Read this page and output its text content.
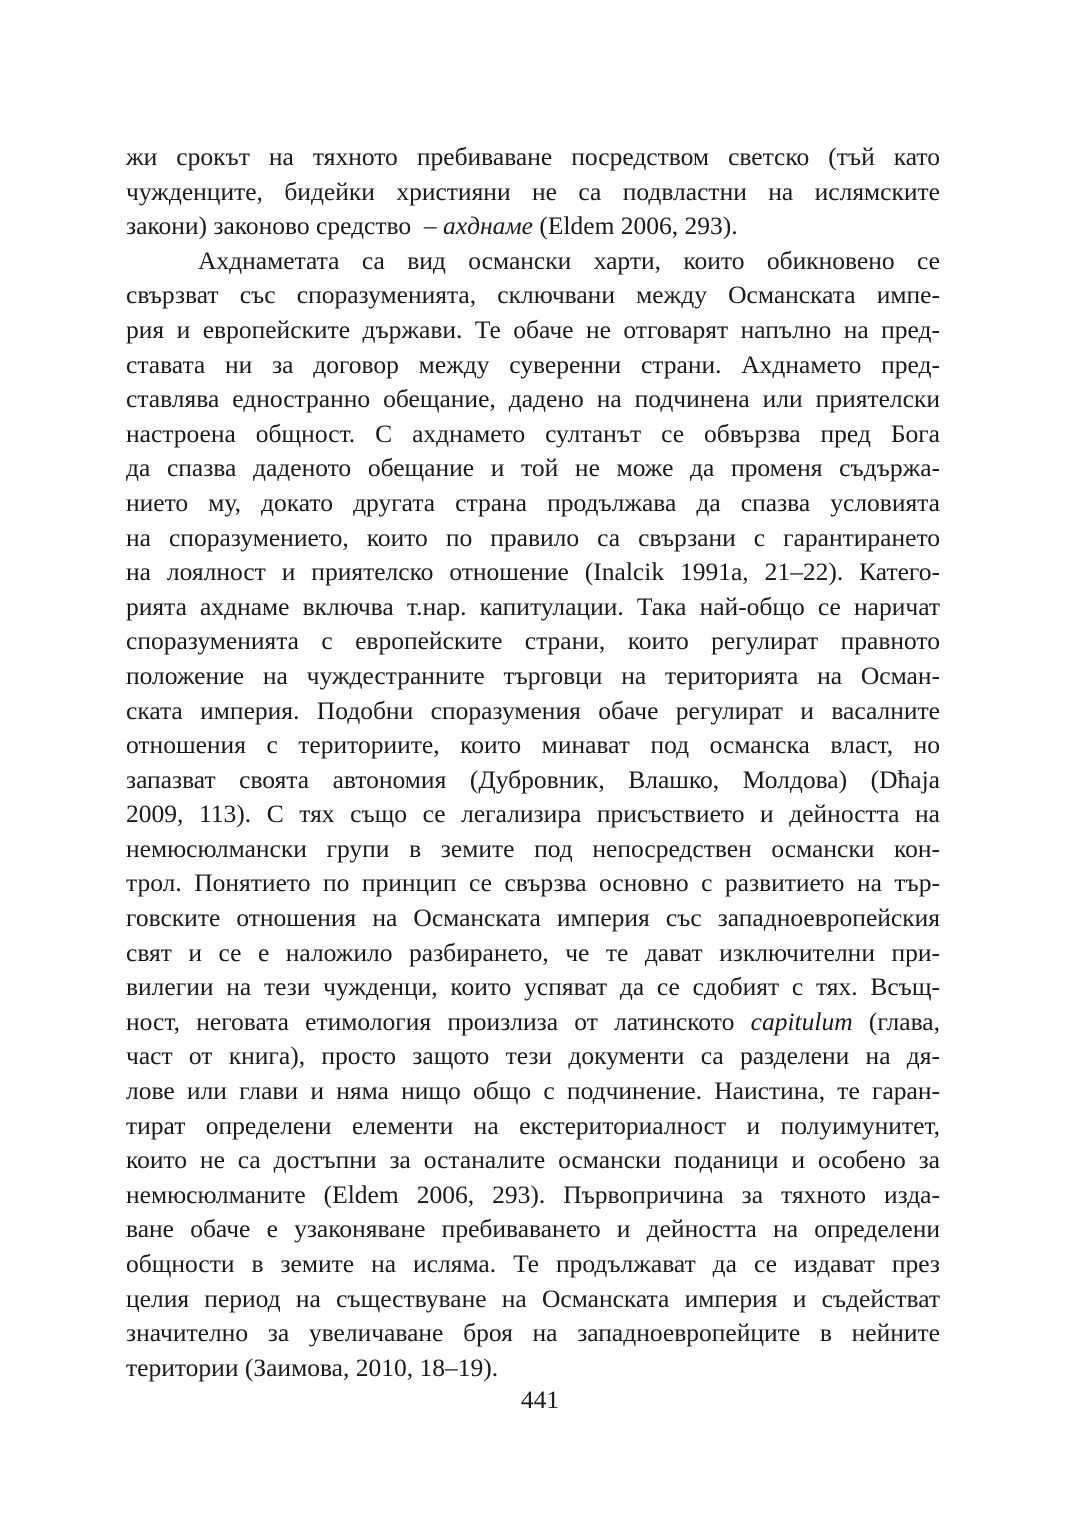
жи срокът на тяхното пребиваване посредством светско (тъй като
чужденците, бидейки християни не са подвластни на ислямските
закони) законово средство  – ахднаме (Eldem 2006, 293).

Ахднаметата са вид османски харти, които обикновено се
свързват със споразуменията, сключвани между Османската импе-
рия и европейските държави. Те обаче не отговарят напълно на пред-
ставата ни за договор между суверенни страни. Ахднамето пред-
ставлява едностранно обещание, дадено на подчинена или приятелски
настроена общност. С ахднамето султанът се обвързва пред Бога
да спазва даденото обещание и той не може да променя съдържа-
нието му, докато другата страна продължава да спазва условията
на споразумението, които по правило са свързани с гарантирането
на лоялност и приятелско отношение (Inalcik 1991a, 21–22). Катего-
рията ахднаме включва т.нар. капитулации. Така най-общо се наричат
споразуменията с европейските страни, които регулират правното
положение на чуждестранните търговци на територията на Осман-
ската империя. Подобни споразумения обаче регулират и васалните
отношения с териториите, които минават под османска власт, но
запазват своята автономия (Дубровник, Влашко, Молдова) (Dħaja
2009, 113). С тях също се легализира присъствието и дейността на
немюсюлмански групи в земите под непосредствен османски кон-
трол. Понятието по принцип се свързва основно с развитието на тър-
говските отношения на Османската империя със западноевропейския
свят и се е наложило разбирането, че те дават изключителни при-
вилегии на тези чужденци, които успяват да се сдобият с тях. Всъщ-
ност, неговата етимология произлиза от латинското capitulum (глава,
част от книга), просто защото тези документи са разделени на дя-
лове или глави и няма нищо общо с подчинение. Наистина, те гаран-
тират определени елементи на екстериториалност и полуимунитет,
които не са достъпни за останалите османски поданици и особено за
немюсюлманите (Eldem 2006, 293). Първопричина за тяхното изда-
ване обаче е узаконяване пребиваването и дейността на определени
общности в земите на исляма. Те продължават да се издават през
целия период на съществуване на Османската империя и съдействат
значително за увеличаване броя на западноевропейците в нейните
територии (Заимова, 2010, 18–19).

441
